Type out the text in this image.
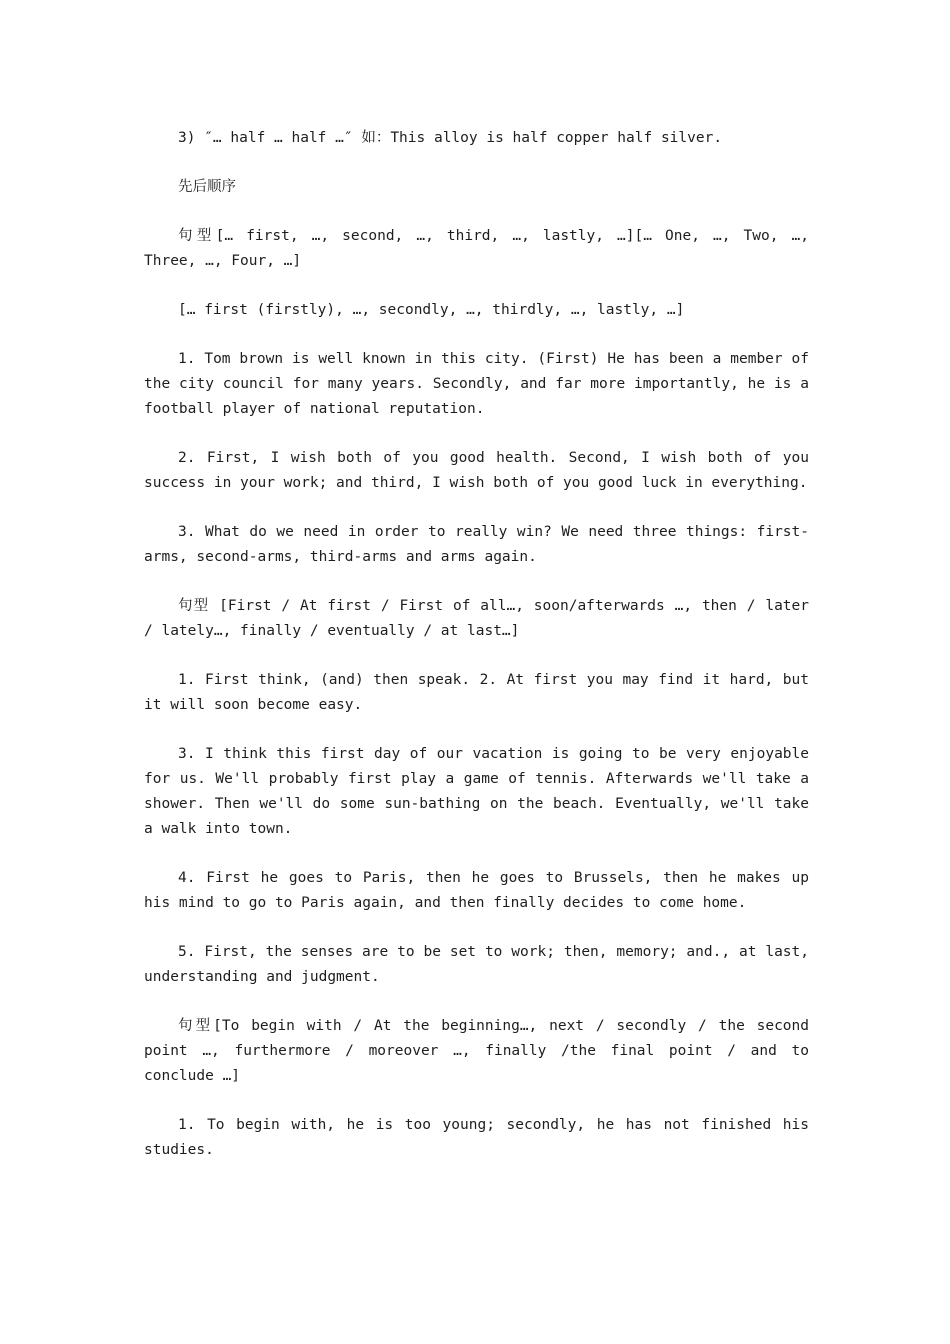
3) ″… half … half …″ 如：This alloy is half copper half silver.

先后顺序

句型[… first, …, second, …, third, …, lastly, …][… One, …, Two, …, Three, …, Four, …]

[… first (firstly), …, secondly, …, thirdly, …, lastly, …]

1. Tom brown is well known in this city. (First) He has been a member of the city council for many years. Secondly, and far more importantly, he is a football player of national reputation.

2. First, I wish both of you good health. Second, I wish both of you success in your work; and third, I wish both of you good luck in everything.

3. What do we need in order to really win? We need three things: first-arms, second-arms, third-arms and arms again.

句型 [First / At first / First of all…, soon/afterwards …, then / later / lately…, finally / eventually / at last…]

1. First think, (and) then speak. 2. At first you may find it hard, but it will soon become easy.

3. I think this first day of our vacation is going to be very enjoyable for us. We'll probably first play a game of tennis. Afterwards we'll take a shower. Then we'll do some sun-bathing on the beach. Eventually, we'll take a walk into town.

4. First he goes to Paris, then he goes to Brussels, then he makes up his mind to go to Paris again, and then finally decides to come home.

5. First, the senses are to be set to work; then, memory; and., at last, understanding and judgment.

句型[To begin with / At the beginning…, next / secondly / the second point …, furthermore / moreover …, finally /the final point / and to conclude …]

1. To begin with, he is too young; secondly, he has not finished his studies.
